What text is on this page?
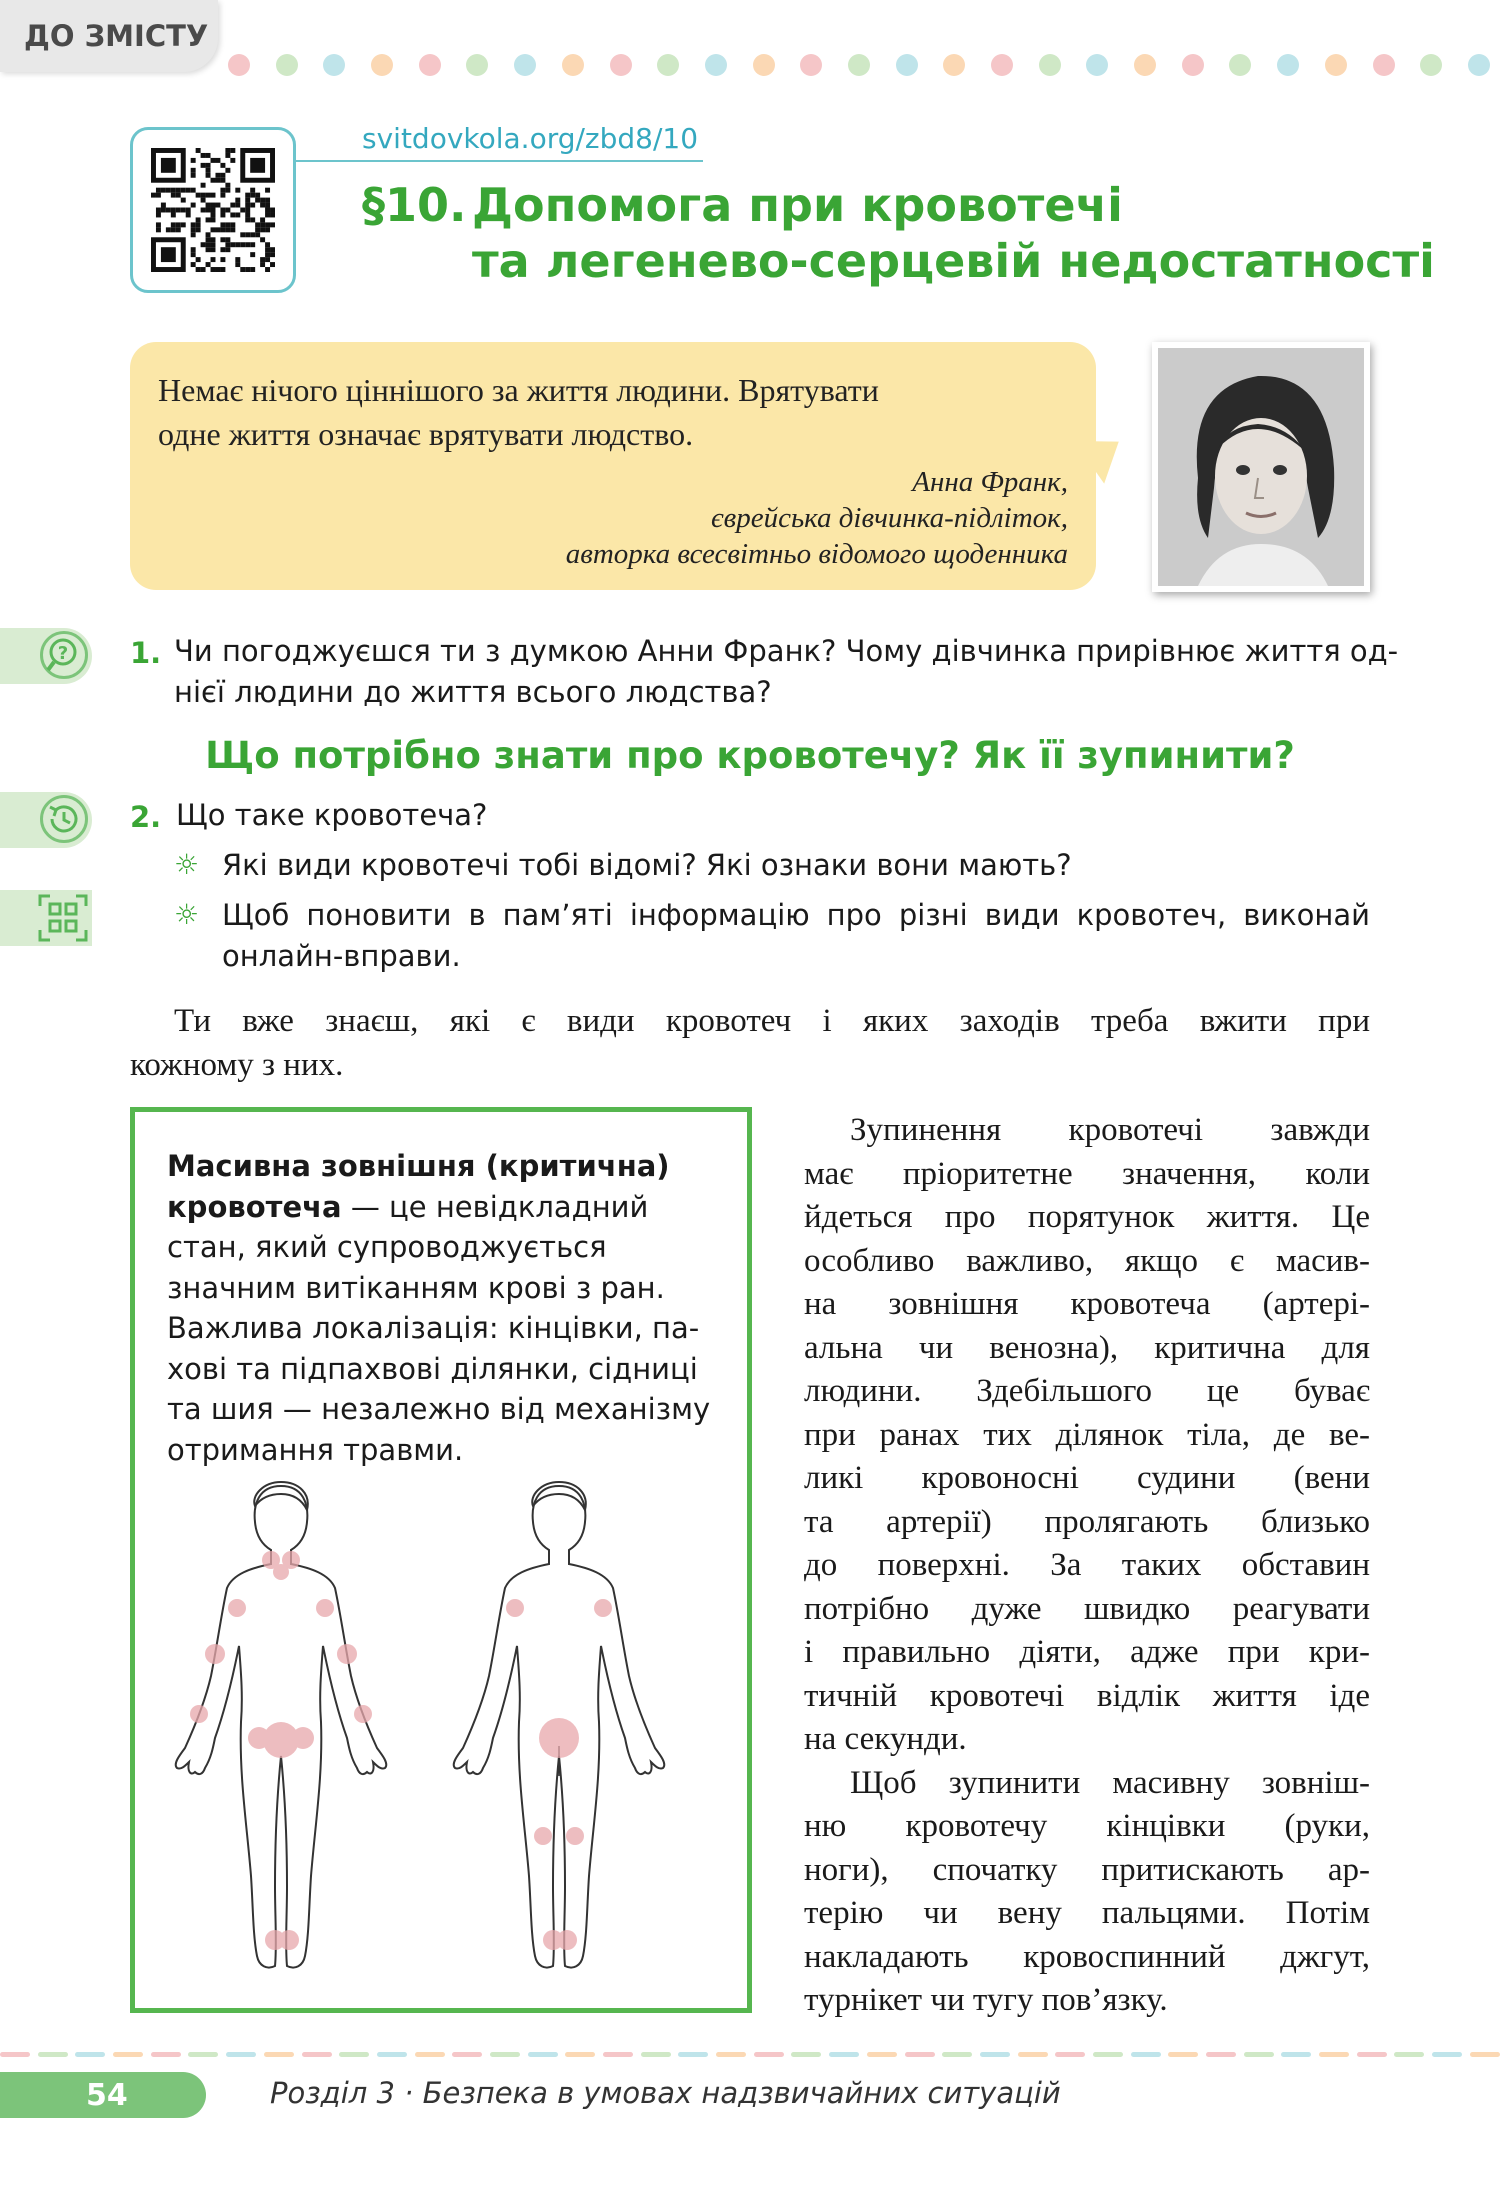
ДО ЗМІСТУ
svitdovkola.org/zbd8/10
§10. Допомога при кровотечі
та легенево-серцевій недостатності
Немає нічого ціннішого за життя людини. Врятувати
одне життя означає врятувати людство.
Анна Франк,
єврейська дівчинка-підліток,
авторка всесвітньо відомого щоденника
? 1. Чи погоджуєшся ти з думкою Анни Франк? Чому дівчинка прирівнює життя од-
нієї людини до життя всього людства?
Що потрібно знати про кровотечу? Як її зупинити?
2. Що таке кровотеча?
☼ Які види кровотечі тобі відомі? Які ознаки вони мають?
☼ Щоб поновити в пам’яті інформацію про різні види кровотеч, виконай
онлайн-вправи.
Ти вже знаєш, які є види кровотеч і яких заходів треба вжити при
кожному з них.
Масивна зовнішня (критична)
кровотеча — це невідкладний
стан, який супроводжується
значним витіканням крові з ран.
Важлива локалізація: кінцівки, па-
хові та підпахвові ділянки, сідниці
та шия — незалежно від механізму
отримання травми.
Зупинення кровотечі завжди
має пріоритетне значення, коли
йдеться про порятунок життя. Це
особливо важливо, якщо є масив-
на зовнішня кровотеча (артері-
альна чи венозна), критична для
людини. Здебільшого це буває
при ранах тих ділянок тіла, де ве-
ликі кровоносні судини (вени
та артерії) пролягають близько
до поверхні. За таких обставин
потрібно дуже швидко реагувати
і правильно діяти, адже при кри-
тичній кровотечі відлік життя іде
на секунди.
Щоб зупинити масивну зовніш-
ню кровотечу кінцівки (руки,
ноги), спочатку притискають ар-
терію чи вену пальцями. Потім
накладають кровоспинний джгут,
турнікет чи тугу пов’язку.
54	Розділ 3 · Безпека в умовах надзвичайних ситуацій
